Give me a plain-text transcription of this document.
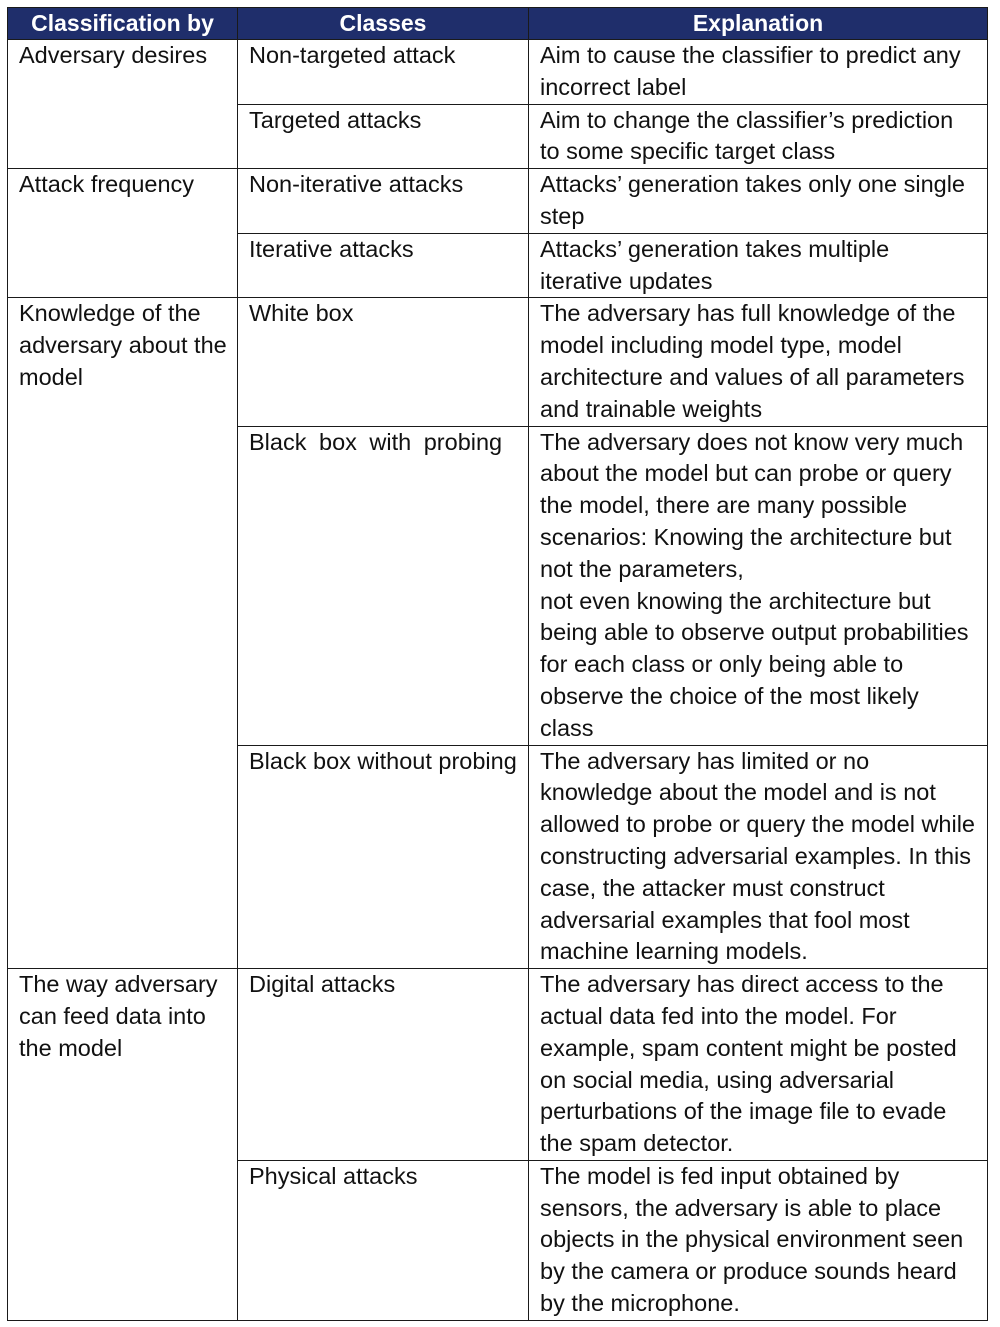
Classification by	Classes	Explanation
Adversary desires	Non-targeted attack	Aim to cause the classifier to predict any incorrect label

	Targeted attacks	Aim to change the classifier’s prediction to some specific target class

Attack frequency	Non-iterative attacks	Attacks’ generation takes only one single step

	Iterative attacks	Attacks’ generation takes multiple iterative updates

Knowledge of the adversary about the model	White box	The adversary has full knowledge of the model including model type, model architecture and values of all parameters and trainable weights

	Black box with probing	The adversary does not know very much about the model but can probe or query the model, there are many possible scenarios: Knowing the architecture but not the parameters,
not even knowing the architecture but being able to observe output probabilities for each class or only being able to observe the choice of the most likely class

	Black box without probing	The adversary has limited or no knowledge about the model and is not allowed to probe or query the model while constructing adversarial examples. In this case, the attacker must construct adversarial examples that fool most machine learning models.

The way adversary can feed data into the model	Digital attacks	The adversary has direct access to the actual data fed into the model. For example, spam content might be posted on social media, using adversarial perturbations of the image file to evade the spam detector.

	Physical attacks	The model is fed input obtained by sensors, the adversary is able to place objects in the physical environment seen by the camera or produce sounds heard by the microphone.
